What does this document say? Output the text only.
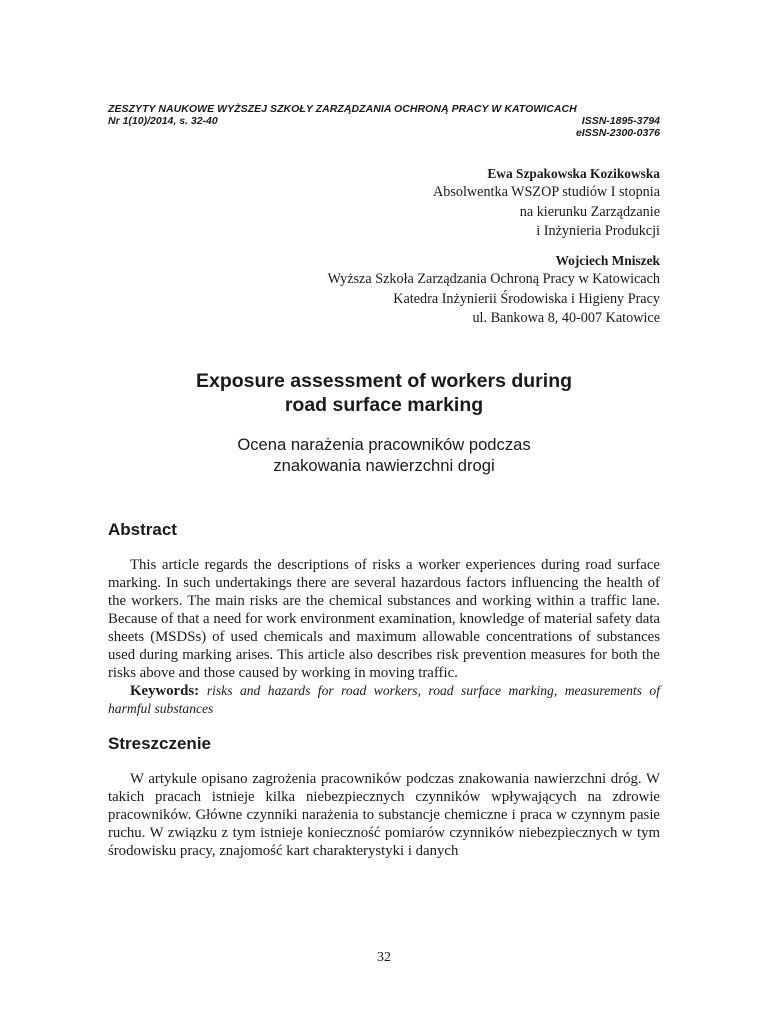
ZESZYTY NAUKOWE WYŻSZEJ SZKOŁY ZARZĄDZANIA OCHRONĄ PRACY W KATOWICACH
Nr 1(10)/2014, s. 32-40	ISSN-1895-3794
eISSN-2300-0376
Ewa Szpakowska Kozikowska
Absolwentka WSZOP studiów I stopnia
na kierunku Zarządzanie
i Inżynieria Produkcji
Wojciech Mniszek
Wyższa Szkoła Zarządzania Ochroną Pracy w Katowicach
Katedra Inżynierii Środowiska i Higieny Pracy
ul. Bankowa 8, 40-007 Katowice
Exposure assessment of workers during
road surface marking
Ocena narażenia pracowników podczas
znakowania nawierzchni drogi
Abstract

This article regards the descriptions of risks a worker experiences during road surface marking. In such undertakings there are several hazardous factors influencing the health of the workers. The main risks are the chemical substances and working within a traffic lane. Because of that a need for work environment examination, knowledge of material safety data sheets (MSDSs) of used chemicals and maximum allowable concentrations of substances used during marking arises. This article also describes risk prevention measures for both the risks above and those caused by working in moving traffic.

Keywords: risks and hazards for road workers, road surface marking, measurements of harmful substances

Streszczenie

W artykule opisano zagrożenia pracowników podczas znakowania nawierzchni dróg. W takich pracach istnieje kilka niebezpiecznych czynników wpływających na zdrowie pracowników. Główne czynniki narażenia to substancje chemiczne i praca w czynnym pasie ruchu. W związku z tym istnieje konieczność pomiarów czynników niebezpiecznych w tym środowisku pracy, znajomość kart charakterystyki i danych

32
